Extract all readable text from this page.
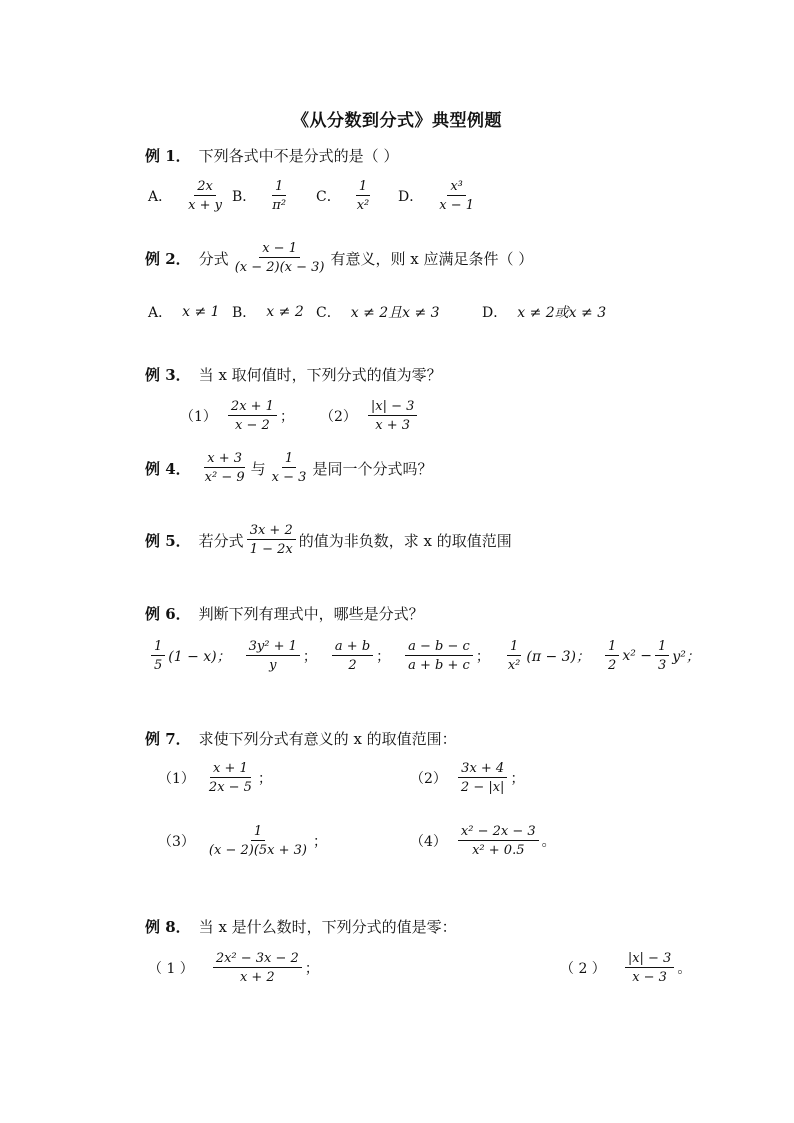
《从分数到分式》典型例题
例 1． 下列各式中不是分式的是（ ）
A． $\frac{2x}{x + y}$ B． $\frac{1}{\text{π²}}$ C． $\frac{1}{\text{x²}}$ D． $\frac{\text{x³}}{x - 1}$
例 2． 分式 $\frac{x - 1}{(x - 2)(x - 3)}$ 有意义，则 x 应满足条件（ ）
A． x ≠ 1 B． x ≠ 2 C． x ≠ 2且x ≠ 3	D． x ≠ 2或x ≠ 3
例 3． 当 x 取何值时，下列分式的值为零？
$(1) \frac{2x + 1}{x - 2}$ ； $(2) \frac{|x| - 3}{x + 3}$
例 4． $\frac{x + 3}{\text{x² − 9}}$ 与 $\frac{1}{x - 3}$ 是同一个分式吗？
例 5． 若分式 $\frac{3x + 2}{1 - 2x}$ 的值为非负数，求 x 的取值范围
例 6． 判断下列有理式中，哪些是分式？
$\frac{1}{5} (1 - x)$； $\frac{\text{3y² + 1}}{y}$ ； $\frac{a + b}{2}$ ； $\frac{a - b - c}{a + b + c}$ ； $\frac{1}{\text{x²}} (\pi - 3)$； $\frac{1}{2} x^2 - \frac{1}{3} y^2$；
例 7． 求使下列分式有意义的 x 的取值范围：
$(1) \frac{x + 1}{2x - 5}$ ；	$(2) \frac{3x + 4}{2 - |x|}$ ；
$(3) \frac{1}{(x - 2)(5x + 3)}$ ；	$(4) \frac{\text{x² − 2x − 3}}{\text{x² + 0.5}}$ 。
例 8． 当 x 是什么数时，下列分式的值是零：
（ 1 ） $\frac{\text{2x² − 3x − 2}}{x + 2}$ ；	（ 2 ） $\frac{|x| - 3}{x - 3}$ 。
